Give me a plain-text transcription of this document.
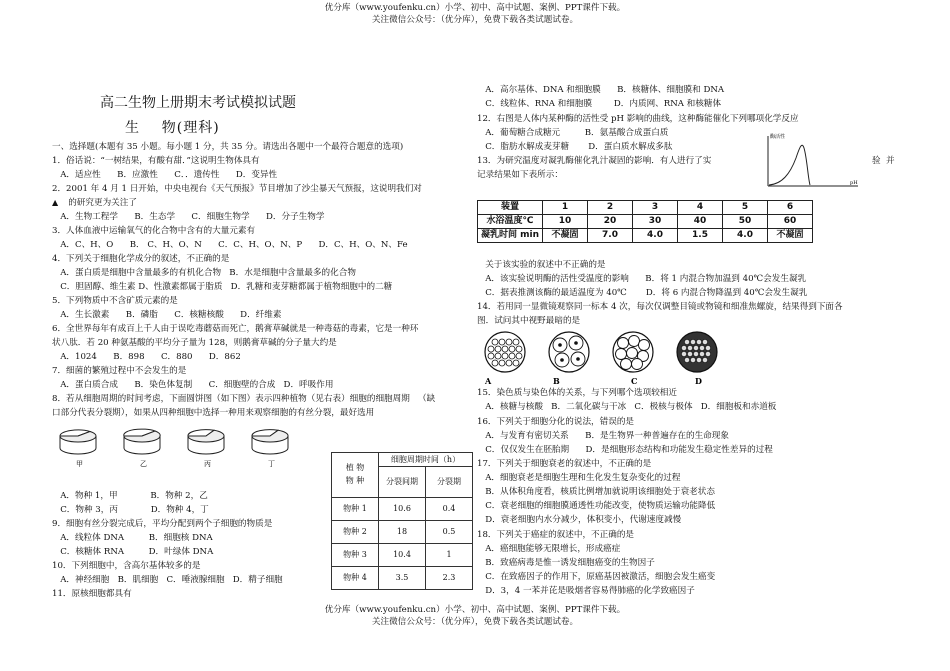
优分库（www.youfenku.cn）小学、初中、高中试题、案例、PPT课件下载。
关注微信公众号：（优分库），免费下载各类试题试卷。
高二生物上册期末考试模拟试题
生    物(理科)
一、选择题(本题有 35 小题。每小题 1 分，共 35 分。请选出各题中一个最符合题意的选项)
1．俗话说：“一树结果，有酸有甜．”这说明生物体具有
A．适应性      B．应激性      C．．遗传性      D．变异性
2．2001 年 4 月 1 日开始，中央电视台《天气预报》节目增加了沙尘暴天气预报，这说明我们对
▲ 的研究更为关注了
A．生物工程学      B．生态学      C．细胞生物学      D．分子生物学
3．人体血液中运输氧气的化合物中含有的大量元素有
A．C、H、O      B． C、H、O、N      C．C、H、O、N、P      D．C、H、O、N、Fe
4．下列关于细胞化学成分的叙述，不正确的是
A．蛋白质是细胞中含量最多的有机化合物   B．水是细胞中含量最多的化合物
C．胆固醇、维生素 D、性激素都属于脂质   D．乳糖和麦芽糖都属于植物细胞中的二糖
5．下列物质中不含矿质元素的是
A．生长激素      B．磷脂      C．核糖核酸      D．纤维素
6．全世界每年有成百上千人由于误吃毒蘑菇而死亡，鹅膏草碱就是一种毒菇的毒素，它是一种环
状八肽．若 20 种氨基酸的平均分子量为 128，则鹅膏草碱的分子量大约是
A．1024      B．898      C．880      D．862
7．细菌的繁殖过程中不会发生的是
A．蛋白质合成      B．染色体复制      C．细胞壁的合成   D．呼吸作用
8．若从细胞周期的时间考虑，下面圆饼图（如下图）表示四种植物（见右表）细胞的细胞周期   （缺
口部分代表分裂期），如果从四种细胞中选择一种用来观察细胞的有丝分裂，最好选用
甲	乙	丙	丁
A．物种 1，甲            B．物种 2，乙
C．物种 3，丙            D．物种 4，丁
9．细胞有丝分裂完成后，平均分配到两个子细胞的物质是
A．线粒体 DNA         B．细胞核 DNA
C．核糖体 RNA         D．叶绿体 DNA
10．下列细胞中，含高尔基体较多的是
A．神经细胞   B．肌细胞   C．唾液腺细胞   D．精子细胞
11．原核细胞都具有
植 物
物 种	细胞周期时间（h）	
	分裂间期	分裂期
物种 1	10.6	0.4
物种 2	18	0.5
物种 3	10.4	1
物种 4	3.5	2.3
A．高尔基体、DNA 和细胞膜      B．核糖体、细胞膜和 DNA
C．线粒体、RNA 和细胞膜        D．内质网、RNA 和核糖体
12．右图是人体内某种酶的活性受 pH 影响的曲线，这种酶能催化下列哪项化学反应
A．葡萄糖合成糖元         B．氨基酸合成蛋白质
C．脂肪水解成麦芽糖       D．蛋白质水解成多肽
13．为研究温度对凝乳酶催化乳汁凝固的影响．有人进行了实	验  并
记录结果如下表所示：
酶活性
pH
装置	1	2	3	4	5	6
水浴温度℃	10	20	30	40	50	60
凝乳时间 min	不凝固	7.0	4.0	1.5	4.0	不凝固
关于该实验的叙述中不正确的是
A．该实验说明酶的活性受温度的影响      B．将 1 内混合物加温到 40℃会发生凝乳
C．据表推测该酶的最适温度为 40℃       D．将 6 内混合物降温到 40℃会发生凝乳
14．若用同一显微镜观察同一标本 4 次，每次仅调整目镜或物镜和细准焦螺旋，结果得到下面各
图．试问其中视野最暗的是
A	B	C	D
15．染色质与染色体的关系，与下列哪个选项较相近
A．核糖与核酸   B．二氧化碳与干冰   C．极核与极体   D．细胞板和赤道板
16．下列关于细胞分化的说法，错误的是
A．与发育有密切关系      B．是生物界一种普遍存在的生命现象
C．仅仅发生在胚胎期      D．是细胞形态结构和功能发生稳定性差异的过程
17．下列关于细胞衰老的叙述中，不正确的是
A．细胞衰老是细胞生理和生化发生复杂变化的过程
B．从体积角度看，核质比例增加就说明该细胞处于衰老状态
C．衰老细胞的细胞膜通透性功能改变，使物质运输功能降低
D．衰老细胞内水分减少，体积变小，代谢速度减慢
18．下列关于癌症的叙述中，不正确的是
A．癌细胞能够无限增长，形成癌症
B．致癌病毒是惟一诱发细胞癌变的生物因子
C．在致癌因子的作用下，原癌基因被激活，细胞会发生癌变
D．3，4 一苯并芘是吸烟者容易得肺癌的化学致癌因子
优分库（www.youfenku.cn）小学、初中、高中试题、案例、PPT课件下载。
关注微信公众号：（优分库），免费下载各类试题试卷。
